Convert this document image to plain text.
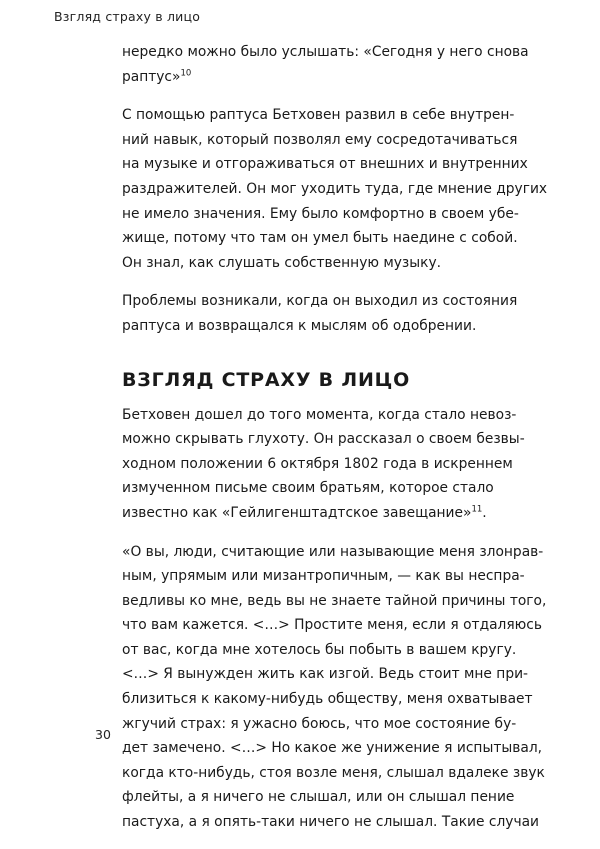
Взгляд страху в лицо

нередко можно было услышать: «Сегодня у него снова
раптус»$^{10}$

С помощью раптуса Бетховен развил в себе внутрен-
ний навык, который позволял ему сосредотачиваться
на музыке и отгораживаться от внешних и внутренних
раздражителей. Он мог уходить туда, где мнение других
не имело значения. Ему было комфортно в своем убе-
жище, потому что там он умел быть наедине с собой.
Он знал, как слушать собственную музыку.

Проблемы возникали, когда он выходил из состояния
раптуса и возвращался к мыслям об одобрении.

ВЗГЛЯД СТРАХУ В ЛИЦО

Бетховен дошел до того момента, когда стало невоз-
можно скрывать глухоту. Он рассказал о своем безвы-
ходном положении 6 октября 1802 года в искреннем
измученном письме своим братьям, которое стало
известно как «Гейлигенштадтское завещание»$^{11}$.

«О вы, люди, считающие или называющие меня злонрав-
ным, упрямым или мизантропичным, — как вы неспра-
ведливы ко мне, ведь вы не знаете тайной причины того,
что вам кажется. <…> Простите меня, если я отдаляюсь
от вас, когда мне хотелось бы побыть в вашем кругу.
<…> Я вынужден жить как изгой. Ведь стоит мне при-
близиться к какому-нибудь обществу, меня охватывает
жгучий страх: я ужасно боюсь, что мое состояние бу-
дет замечено. <…> Но какое же унижение я испытывал,
когда кто-нибудь, стоя возле меня, слышал вдалеке звук
флейты, а я ничего не слышал, или он слышал пение
пастуха, а я опять-таки ничего не слышал. Такие случаи

30
